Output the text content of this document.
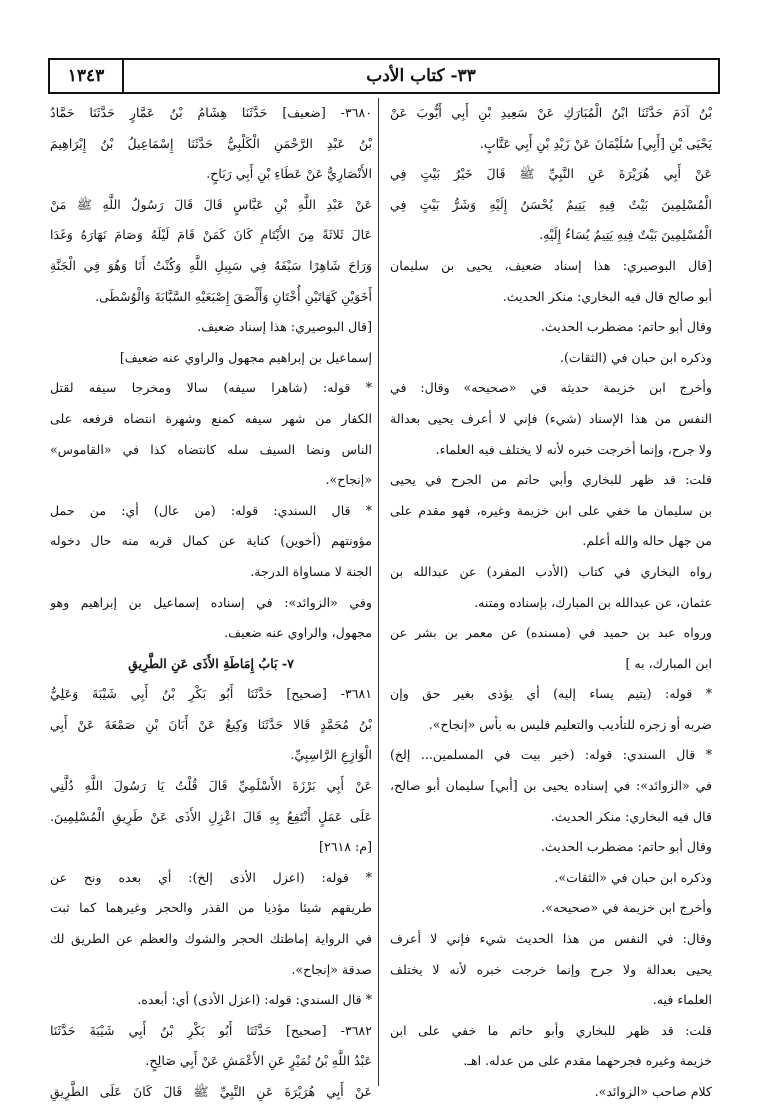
١٣٤٣	٣٣- كتاب الأدب
بْنُ آدَمَ حَدَّثَنَا ابْنُ الْمُبَارَكِ عَنْ سَعِيدِ بْنِ أَبِي أَيُّوبَ عَنْ
يَحْيَى بْنِ [أَبِي] سُلَيْمَانَ عَنْ زَيْدِ بْنِ أَبِي عَتَّابٍ.
عَنْ أَبِي هُرَيْرَةَ عَنِ النَّبِيِّ ﷺ قَالَ خَيْرُ بَيْتٍ فِي
الْمُسْلِمِينَ بَيْتٌ فِيهِ يَتِيمٌ يُحْسَنُ إِلَيْهِ وَشَرُّ بَيْتٍ فِي
الْمُسْلِمِينَ بَيْتٌ فِيهِ يَتِيمٌ يُسَاءُ إِلَيْهِ.
[قال البوصيري: هذا إسناد ضعيف، يحيى بن سليمان
أبو صالح قال فيه البخاري: منكر الحديث.
وقال أبو حاتم: مضطرب الحديث.
وذكره ابن حبان في (الثقات).
وأخرج ابن خزيمة حديثه في «صحيحه» وقال: في
النفس من هذا الإسناد (شيء) فإني لا أعرف يحيى بعدالة
ولا جرح، وإنما أخرجت خبره لأنه لا يختلف فيه العلماء.
قلت: قد ظهر للبخاري وأبي حاتم من الجرح في يحيى
بن سليمان ما خفي على ابن خزيمة وغيره، فهو مقدم على
من جهل حاله والله أعلم.
رواه البخاري في كتاب (الأدب المفرد) عن عبدالله بن
عثمان، عن عبدالله بن المبارك، بإسناده ومتنه.
ورواه عبد بن حميد في (مسنده) عن معمر بن بشر عن
ابن المبارك، به ]
* قوله: (يتيم يساء إليه) أي يؤذى بغير حق وإن
ضربه أو زجره للتأديب والتعليم فليس به بأس «إنجاح».
* قال السندي: قوله: (خير بيت في المسلمين... إلخ)
في «الزوائد»: في إسناده يحيى بن [أبي] سليمان أبو صالح،
قال فيه البخاري: منكر الحديث.
وقال أبو حاتم: مضطرب الحديث.
وذكره ابن حبان في «الثقات».
وأخرج ابن خزيمة في «صحيحه».
وقال: في النفس من هذا الحديث شيء فإني لا أعرف
يحيى بعدالة ولا جرح وإنما خرجت خبره لأنه لا يختلف
العلماء فيه.
قلت: قد ظهر للبخاري وأبو حاتم ما خفي على ابن
خزيمة وغيره فجرحهما مقدم على من عدله. اهـ.
كلام صاحب «الزوائد».
٣٦٨٠- [ضعيف] حَدَّثَنَا هِشَامُ بْنُ عَمَّارٍ حَدَّثَنَا حَمَّادُ
بْنُ عَبْدِ الرَّحْمَنِ الْكَلْبِيُّ حَدَّثَنَا إِسْمَاعِيلُ بْنُ إِبْرَاهِيمَ
الأَنْصَارِيُّ عَنْ عَطَاءِ بْنِ أَبِي رَبَاحٍ.
عَنْ عَبْدِ اللَّهِ بْنِ عَبَّاسٍ قَالَ قَالَ رَسُولُ اللَّهِ ﷺ مَنْ
عَالَ ثَلاثَةً مِنَ الأَيْتَامِ كَانَ كَمَنْ قَامَ لَيْلَهُ وَصَامَ نَهَارَهُ وَغَدَا
وَرَاحَ شَاهِرًا سَيْفَهُ فِي سَبِيلِ اللَّهِ وَكُنْتُ أَنَا وَهُوَ فِي الْجَنَّةِ
أَخَوَيْنِ كَهَاتَيْنِ أُخْتَانِ وَأَلْصَقَ إِصْبَعَيْهِ السَّبَّابَةَ وَالْوُسْطَى.
[قال البوصيري: هذا إسناد ضعيف.
إسماعيل بن إبراهيم مجهول والراوي عنه ضعيف]
* قوله: (شاهرا سيفه) سالا ومخرجا سيفه لقتل
الكفار من شهر سيفه كمنع وشهرة انتضاه فرفعه على
الناس ونضا السيف سله كانتضاه كذا في «القاموس»
«إنجاح».
* قال السندي: قوله: (من عال) أي: من حمل
مؤونتهم (أخوين) كناية عن كمال قربه منه حال دخوله
الجنة لا مساواة الدرجة.
وفي «الزوائد»: في إسناده إسماعيل بن إبراهيم وهو
مجهول، والراوي عنه ضعيف.
٧- بَابُ إِمَاطَةِ الأَذَى عَنِ الطَّرِيقِ
٣٦٨١- [صحيح] حَدَّثَنَا أَبُو بَكْرِ بْنُ أَبِي شَيْبَةَ وَعَلِيُّ
بْنُ مُحَمَّدٍ قَالا حَدَّثَنَا وَكِيعٌ عَنْ أَبَانَ بْنِ صَمْعَةَ عَنْ أَبِي
الْوَازِعِ الرَّاسِبِيِّ.
عَنْ أَبِي بَرْزَةَ الأَسْلَمِيِّ قَالَ قُلْتُ يَا رَسُولَ اللَّهِ دُلَّنِي
عَلَى عَمَلٍ أَنْتَفِعُ بِهِ قَالَ اعْزِلِ الأَذَى عَنْ طَرِيقِ الْمُسْلِمِينَ.
[م: ٢٦١٨]
* قوله: (اعزل الأذى إلخ): أي بعده ونح عن
طريقهم شيئا مؤذيا من القذر والحجر وغيرهما كما ثبت
في الرواية إماطتك الحجر والشوك والعظم عن الطريق لك
صدقة «إنجاح».
* قال السندي: قوله: (اعزل الأذى) أي: أبعده.
٣٦٨٢- [صحيح] حَدَّثَنَا أَبُو بَكْرِ بْنُ أَبِي شَيْبَةَ حَدَّثَنَا
عَبْدُ اللَّهِ بْنُ نُمَيْرٍ عَنِ الأَعْمَشِ عَنْ أَبِي صَالِحٍ.
عَنْ أَبِي هُرَيْرَةَ عَنِ النَّبِيِّ ﷺ قَالَ كَانَ عَلَى الطَّرِيقِ
